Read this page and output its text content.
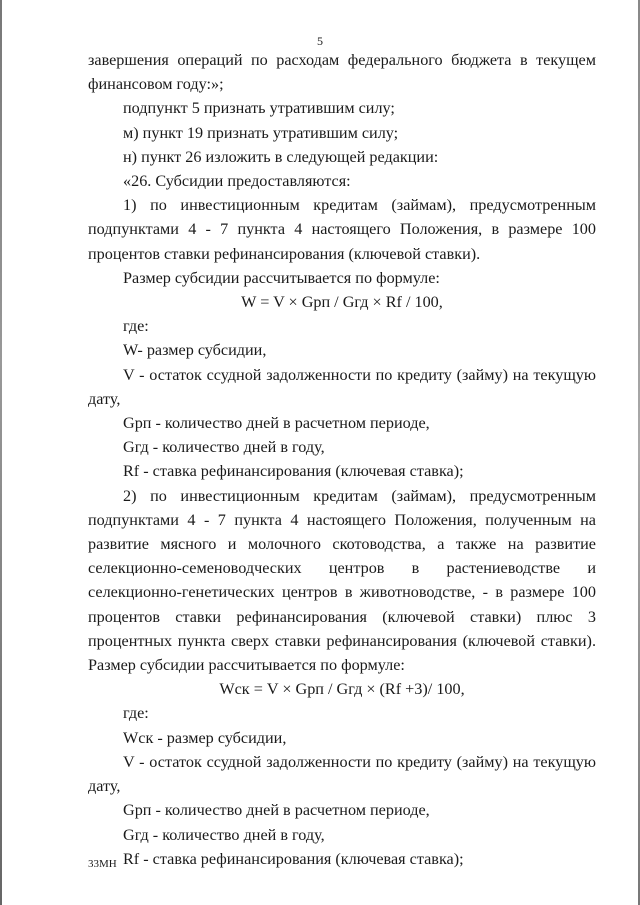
5

завершения операций по расходам федерального бюджета в текущем финансовом году:»;

подпункт 5 признать утратившим силу;

м) пункт 19 признать утратившим силу;

н) пункт 26 изложить в следующей редакции:

«26. Субсидии предоставляются:

1) по инвестиционным кредитам (займам), предусмотренным подпунктами 4 - 7 пункта 4 настоящего Положения, в размере 100 процентов ставки рефинансирования (ключевой ставки).

Размер субсидии рассчитывается по формуле:

W = V × Gрп / Gгд × Rf / 100,

где:

W- размер субсидии,

V - остаток ссудной задолженности по кредиту (займу) на текущую дату,

Gрп - количество дней в расчетном периоде,

Gгд - количество дней в году,

Rf - ставка рефинансирования (ключевая ставка);

2) по инвестиционным кредитам (займам), предусмотренным подпунктами 4 - 7 пункта 4 настоящего Положения, полученным на развитие мясного и молочного скотоводства, а также на развитие селекционно-семеноводческих центров в растениеводстве и селекционно-генетических центров в животноводстве, - в размере 100 процентов ставки рефинансирования (ключевой ставки) плюс 3 процентных пункта сверх ставки рефинансирования (ключевой ставки). Размер субсидии рассчитывается по формуле:

Wск = V × Gрп / Gгд × (Rf +3)/ 100,

где:

Wск - размер субсидии,

V - остаток ссудной задолженности по кредиту (займу) на текущую дату,

Gрп - количество дней в расчетном периоде,

Gгд - количество дней в году,

Rf - ставка рефинансирования (ключевая ставка);

33МН
